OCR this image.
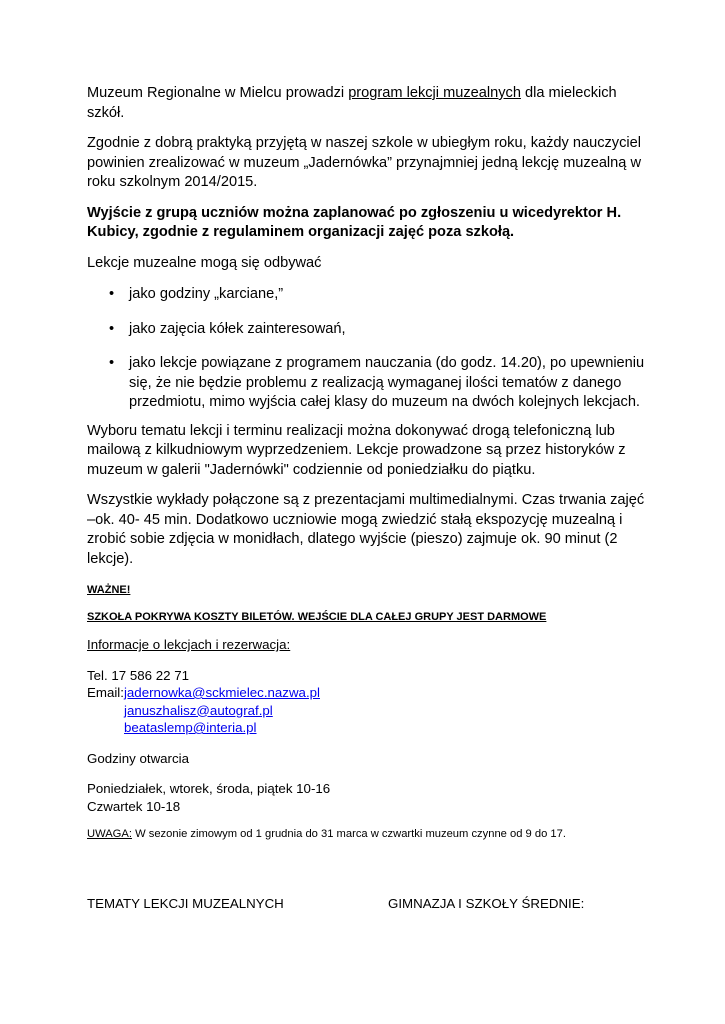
Muzeum Regionalne w Mielcu prowadzi program lekcji muzealnych dla mieleckich szkół.

Zgodnie z dobrą praktyką przyjętą w naszej szkole w ubiegłym roku, każdy nauczyciel powinien zrealizować w muzeum „Jadernówka” przynajmniej jedną lekcję muzealną w roku szkolnym 2014/2015.

Wyjście z grupą uczniów można zaplanować po zgłoszeniu u wicedyrektor H. Kubicy, zgodnie z regulaminem organizacji zajęć poza szkołą.

Lekcje muzealne mogą się odbywać

• jako godziny „karciane,”
• jako zajęcia kółek zainteresowań,
• jako lekcje powiązane z programem nauczania (do godz. 14.20), po upewnieniu się, że nie będzie problemu z realizacją wymaganej ilości tematów z danego przedmiotu, mimo wyjścia całej klasy do muzeum na dwóch kolejnych lekcjach.

Wyboru tematu lekcji i terminu realizacji można dokonywać drogą telefoniczną lub mailową z kilkudniowym wyprzedzeniem. Lekcje prowadzone są przez historyków z muzeum w galerii "Jadernówki" codziennie od poniedziałku do piątku.

Wszystkie wykłady połączone są z prezentacjami multimedialnymi. Czas trwania zajęć –ok. 40- 45 min. Dodatkowo uczniowie mogą zwiedzić stałą ekspozycję muzealną i zrobić sobie zdjęcia w monidłach, dlatego wyjście (pieszo) zajmuje ok. 90 minut (2 lekcje).

WAŻNE!

SZKOŁA POKRYWA KOSZTY BILETÓW. WEJŚCIE DLA CAŁEJ GRUPY JEST DARMOWE

Informacje o lekcjach i rezerwacja:

Tel. 17 586 22 71

Email: jadernowka@sckmielec.nazwa.pl
januszhalisz@autograf.pl
beataslemp@interia.pl

Godziny otwarcia

Poniedziałek, wtorek, środa, piątek 10-16

Czwartek 10-18

UWAGA: W sezonie zimowym od 1 grudnia do 31 marca w czwartki muzeum czynne od 9 do 17.

TEMATY LEKCJI MUZEALNYCH	GIMNAZJA I SZKOŁY ŚREDNIE:
